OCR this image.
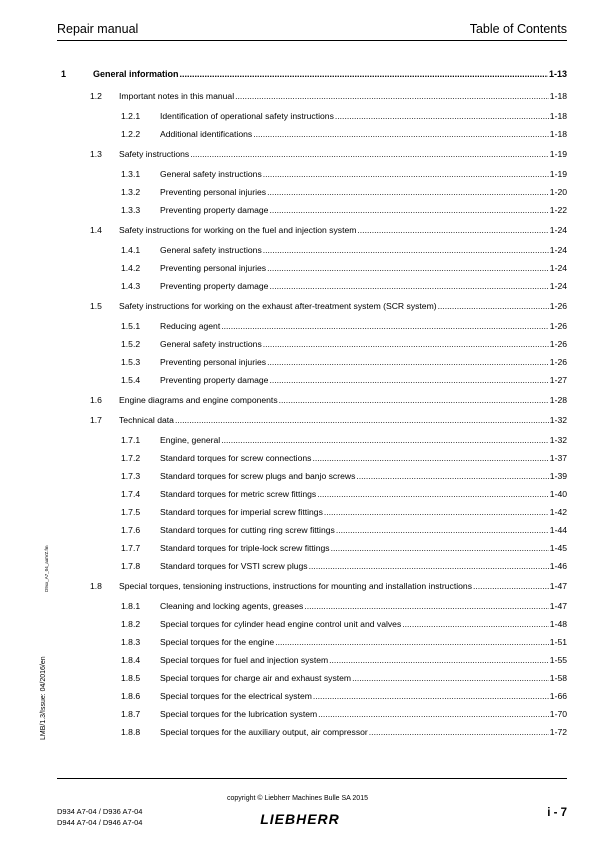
Repair manual	Table of Contents
1	General information .....	1-13
1.2 Important notes in this manual .....	1-18
1.2.1 Identification of operational safety instructions .....	1-18
1.2.2 Additional identifications .....	1-18
1.3 Safety instructions .....	1-19
1.3.1 General safety instructions .....	1-19
1.3.2 Preventing personal injuries .....	1-20
1.3.3 Preventing property damage .....	1-22
1.4 Safety instructions for working on the fuel and injection system .....	1-24
1.4.1 General safety instructions .....	1-24
1.4.2 Preventing personal injuries .....	1-24
1.4.3 Preventing property damage .....	1-24
1.5 Safety instructions for working on the exhaust after-treatment system (SCR system) .....	1-26
1.5.1 Reducing agent .....	1-26
1.5.2 General safety instructions .....	1-26
1.5.3 Preventing personal injuries .....	1-26
1.5.4 Preventing property damage .....	1-27
1.6 Engine diagrams and engine components .....	1-28
1.7 Technical data .....	1-32
1.7.1 Engine, general .....	1-32
1.7.2 Standard torques for screw connections .....	1-37
1.7.3 Standard torques for screw plugs and banjo screws .....	1-39
1.7.4 Standard torques for metric screw fittings .....	1-40
1.7.5 Standard torques for imperial screw fittings .....	1-42
1.7.6 Standard torques for cutting ring screw fittings .....	1-44
1.7.7 Standard torques for triple-lock screw fittings .....	1-45
1.7.8 Standard torques for VSTI screw plugs .....	1-46
1.8 Special torques, tensioning instructions, instructions for mounting and installation instructions .....	1-47
1.8.1 Cleaning and locking agents, greases .....	1-47
1.8.2 Special torques for cylinder head engine control unit and valves .....	1-48
1.8.3 Special torques for the engine .....	1-51
1.8.4 Special torques for fuel and injection system .....	1-55
1.8.5 Special torques for charge air and exhaust system .....	1-58
1.8.6 Special torques for the electrical system .....	1-66
1.8.7 Special torques for the lubrication system .....	1-70
1.8.8 Special torques for the auxiliary output, air compressor .....	1-72
D9xx_A7_04_aaIVZ.fm
LMB/1.3/Issue: 04/2016/en
copyright © Liebherr Machines Bulle SA 2015
D934 A7-04 / D936 A7-04
D944 A7-04 / D946 A7-04	LIEBHERR	i - 7
